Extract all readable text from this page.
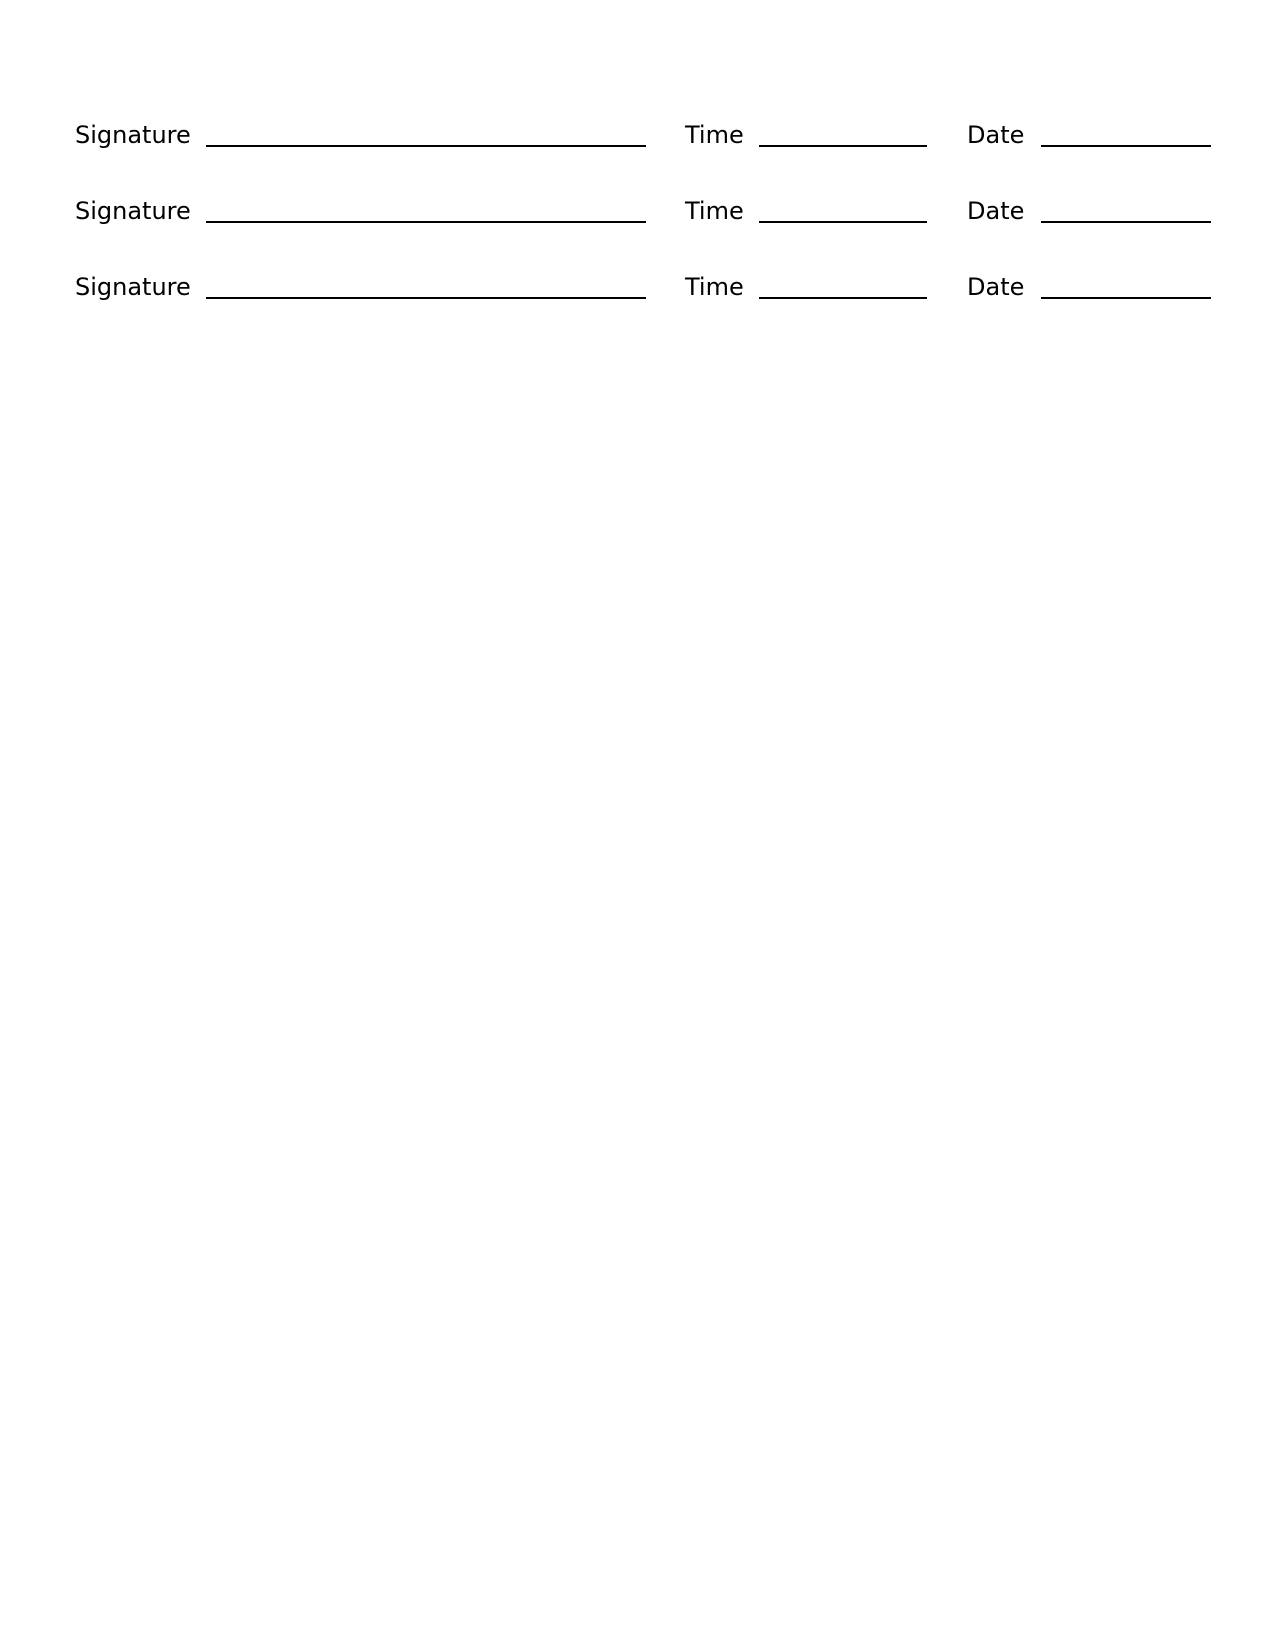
Signature	Time	Date
Signature	Time	Date
Signature	Time	Date
